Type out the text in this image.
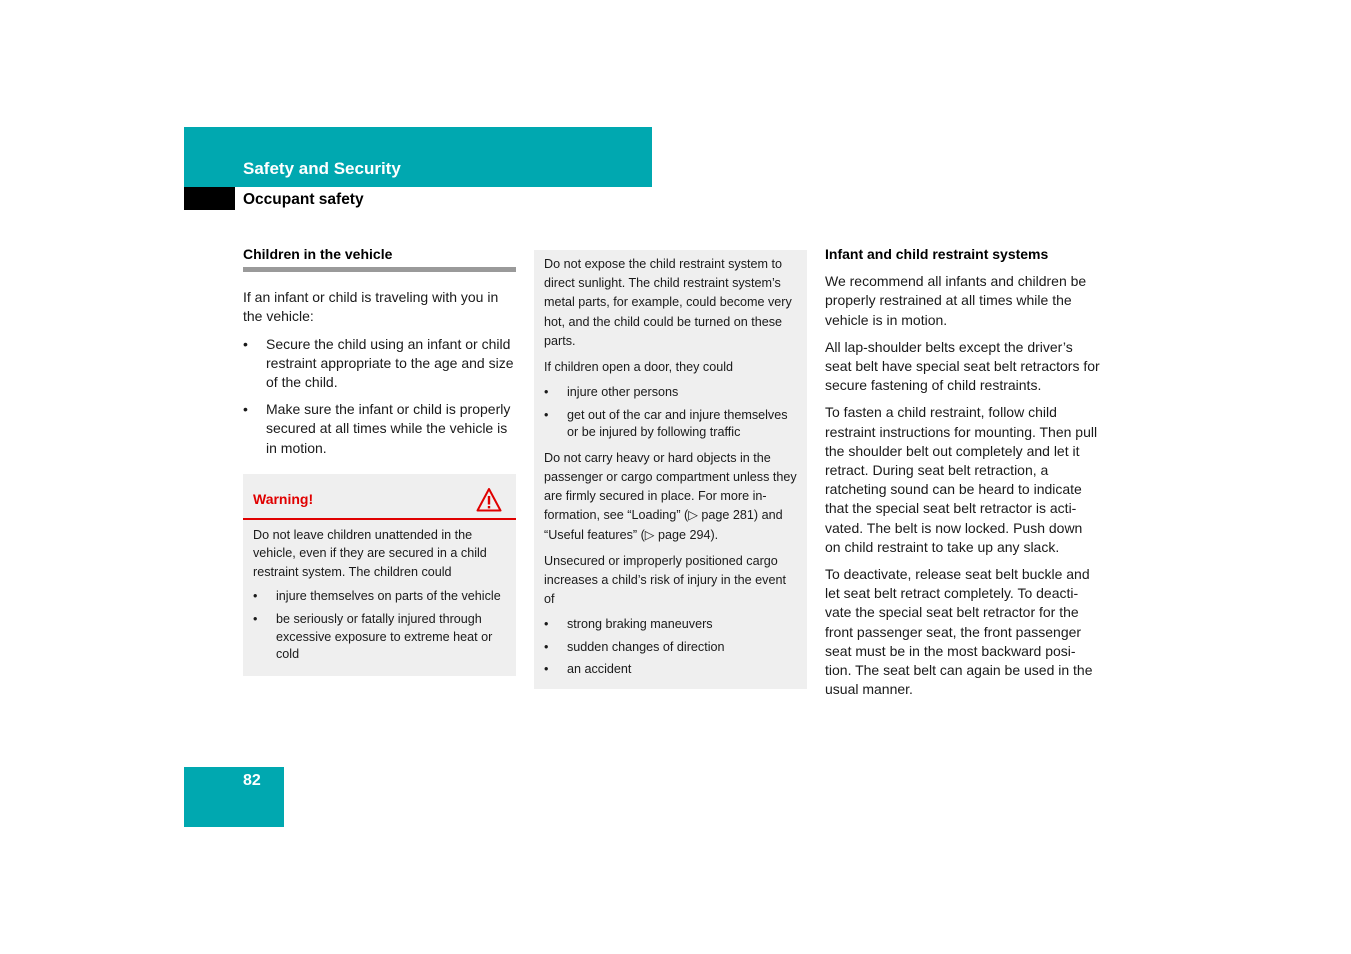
Safety and Security
Occupant safety
Children in the vehicle

If an infant or child is traveling with you in the vehicle:

• Secure the child using an infant or child restraint appropriate to the age and size of the child.
• Make sure the infant or child is properly secured at all times while the vehicle is in motion.
Warning!

Do not leave children unattended in the vehicle, even if they are secured in a child restraint system. The children could

• injure themselves on parts of the vehicle
• be seriously or fatally injured through excessive exposure to extreme heat or cold

Do not expose the child restraint system to direct sunlight. The child restraint system’s metal parts, for example, could become very hot, and the child could be turned on these parts.

If children open a door, they could

• injure other persons
• get out of the car and injure themselves or be injured by following traffic

Do not carry heavy or hard objects in the passenger or cargo compartment unless they are firmly secured in place. For more in-formation, see “Loading” (▷ page 281) and “Useful features” (▷ page 294).

Unsecured or improperly positioned cargo increases a child’s risk of injury in the event of

• strong braking maneuvers
• sudden changes of direction
• an accident
Infant and child restraint systems

We recommend all infants and children be properly restrained at all times while the vehicle is in motion.

All lap-shoulder belts except the driver’s seat belt have special seat belt retractors for secure fastening of child restraints.

To fasten a child restraint, follow child restraint instructions for mounting. Then pull the shoulder belt out completely and let it retract. During seat belt retraction, a ratcheting sound can be heard to indicate that the special seat belt retractor is acti-vated. The belt is now locked. Push down on child restraint to take up any slack.

To deactivate, release seat belt buckle and let seat belt retract completely. To deacti-vate the special seat belt retractor for the front passenger seat, the front passenger seat must be in the most backward posi-tion. The seat belt can again be used in the usual manner.

82
